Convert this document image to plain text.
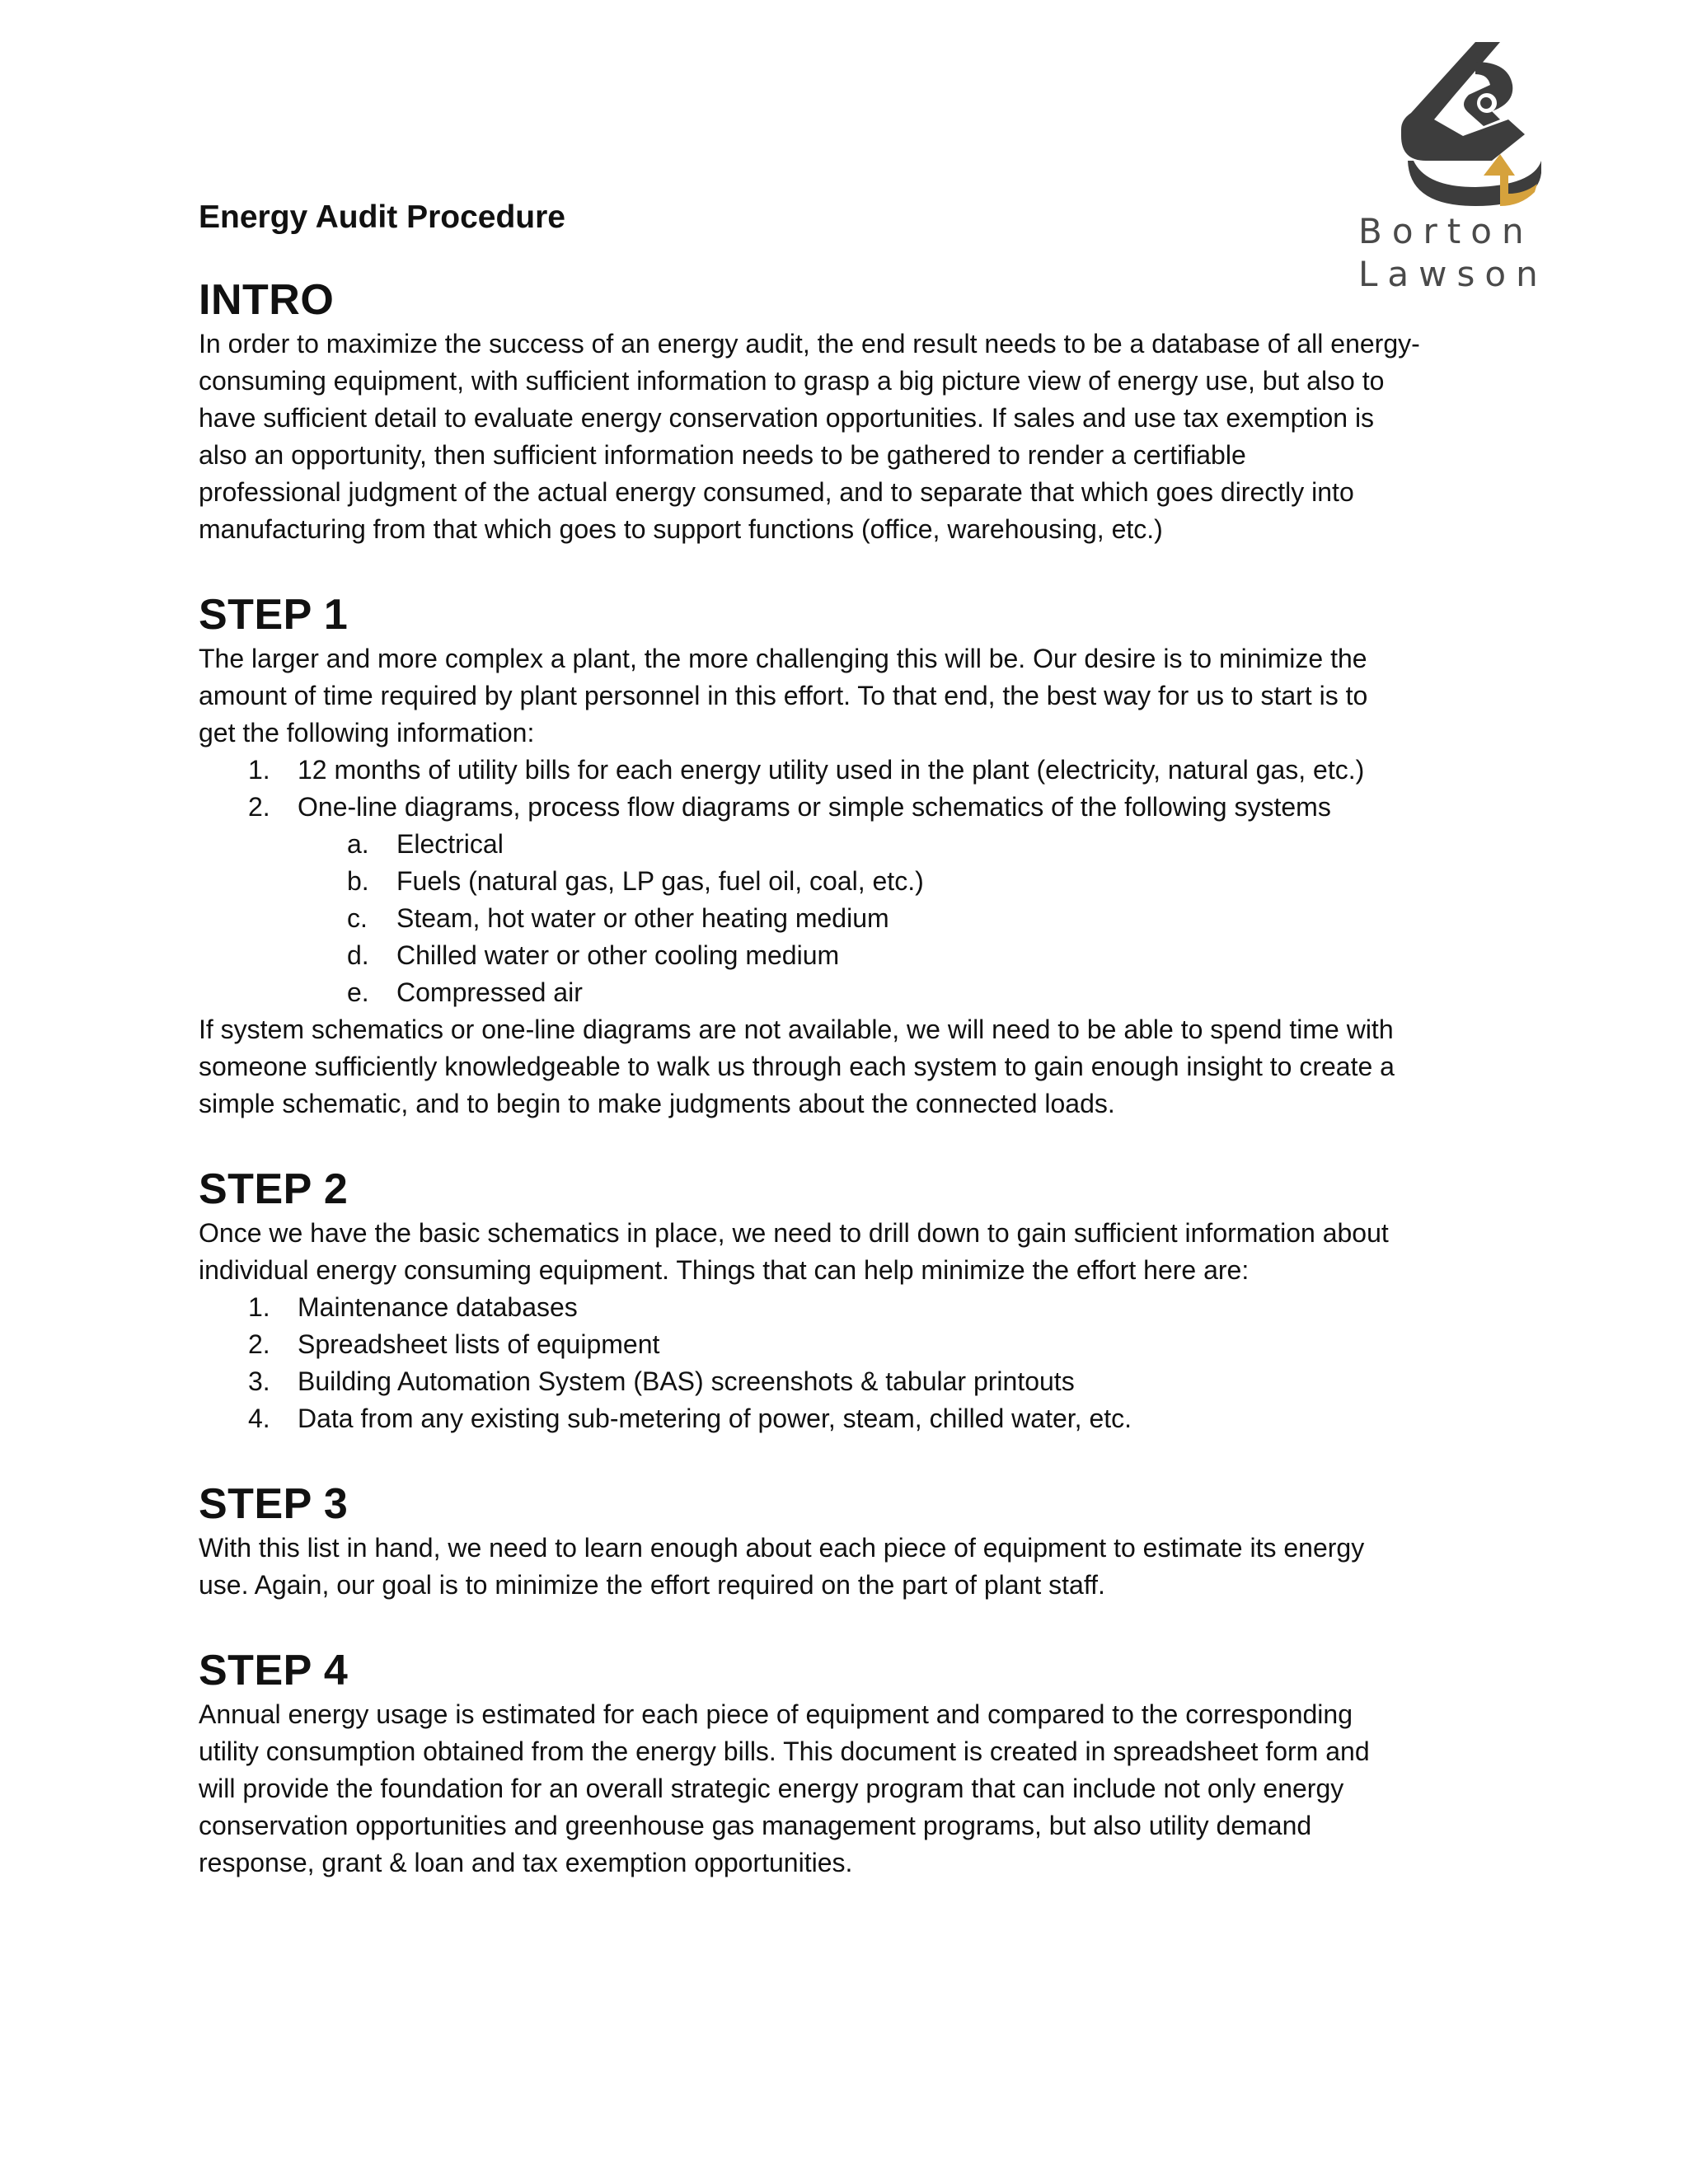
Borton
Lawson
Energy Audit Procedure
INTRO

In order to maximize the success of an energy audit, the end result needs to be a database of all energy-
consuming equipment, with sufficient information to grasp a big picture view of energy use, but also to
have sufficient detail to evaluate energy conservation opportunities. If sales and use tax exemption is
also an opportunity, then sufficient information needs to be gathered to render a certifiable
professional judgment of the actual energy consumed, and to separate that which goes directly into
manufacturing from that which goes to support functions (office, warehousing, etc.)

STEP 1

The larger and more complex a plant, the more challenging this will be. Our desire is to minimize the
amount of time required by plant personnel in this effort. To that end, the best way for us to start is to
get the following information:

1.	12 months of utility bills for each energy utility used in the plant (electricity, natural gas, etc.)
2.	One-line diagrams, process flow diagrams or simple schematics of the following systems
a.	Electrical
b.	Fuels (natural gas, LP gas, fuel oil, coal, etc.)
c.	Steam, hot water or other heating medium
d.	Chilled water or other cooling medium
e.	Compressed air

If system schematics or one-line diagrams are not available, we will need to be able to spend time with
someone sufficiently knowledgeable to walk us through each system to gain enough insight to create a
simple schematic, and to begin to make judgments about the connected loads.

STEP 2

Once we have the basic schematics in place, we need to drill down to gain sufficient information about
individual energy consuming equipment. Things that can help minimize the effort here are:

1.	Maintenance databases
2.	Spreadsheet lists of equipment
3.	Building Automation System (BAS) screenshots & tabular printouts
4.	Data from any existing sub-metering of power, steam, chilled water, etc.
STEP 3

With this list in hand, we need to learn enough about each piece of equipment to estimate its energy
use. Again, our goal is to minimize the effort required on the part of plant staff.

STEP 4

Annual energy usage is estimated for each piece of equipment and compared to the corresponding
utility consumption obtained from the energy bills. This document is created in spreadsheet form and
will provide the foundation for an overall strategic energy program that can include not only energy
conservation opportunities and greenhouse gas management programs, but also utility demand
response, grant & loan and tax exemption opportunities.
